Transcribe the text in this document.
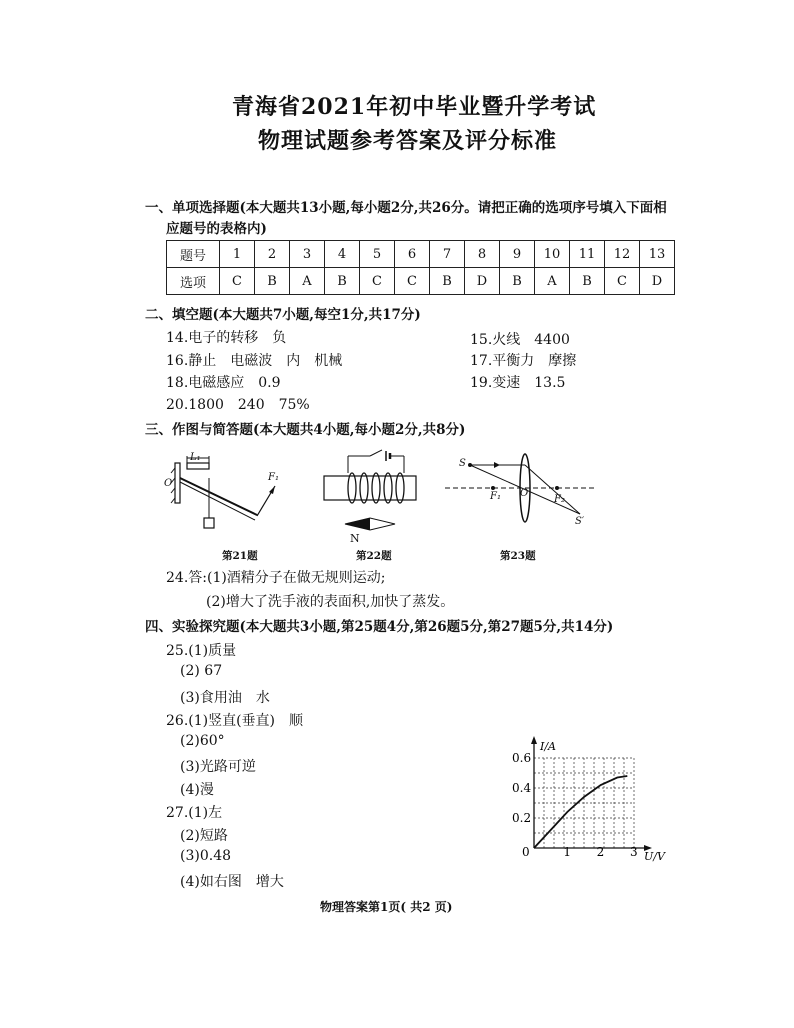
青海省2021年初中毕业暨升学考试
物理试题参考答案及评分标准
一、单项选择题(本大题共13小题,每小题2分,共26分。请把正确的选项序号填入下面相
应题号的表格内)
题号	1	2	3	4	5	6	7	8	9	10	11	12	13
选项	C	B	A	B	C	C	B	D	B	A	B	C	D
二、填空题(本大题共7小题,每空1分,共17分)
14.电子的转移　负	15.火线　4400
16.静止　电磁波　内　机械	17.平衡力　摩擦
18.电磁感应　0.9	19.变速　13.5
20.1800　240　75%
三、作图与简答题(本大题共4小题,每小题2分,共8分)
L₁
O
F₁
第21题
N
第22题
S
F₁ O
F₂
S′
第23题
24.答:(1)酒精分子在做无规则运动;
(2)增大了洗手液的表面积,加快了蒸发。
四、实验探究题(本大题共3小题,第25题4分,第26题5分,第27题5分,共14分)
25.(1)质量
(2) 67
(3)食用油　水
26.(1)竖直(垂直)　顺
(2)60°
(3)光路可逆
(4)漫
27.(1)左
(2)短路
(3)0.48
(4)如右图　增大
0	1 2 3
0.2
0.4
0.6
U/V
I/A
物理答案第1页( 共2 页)
